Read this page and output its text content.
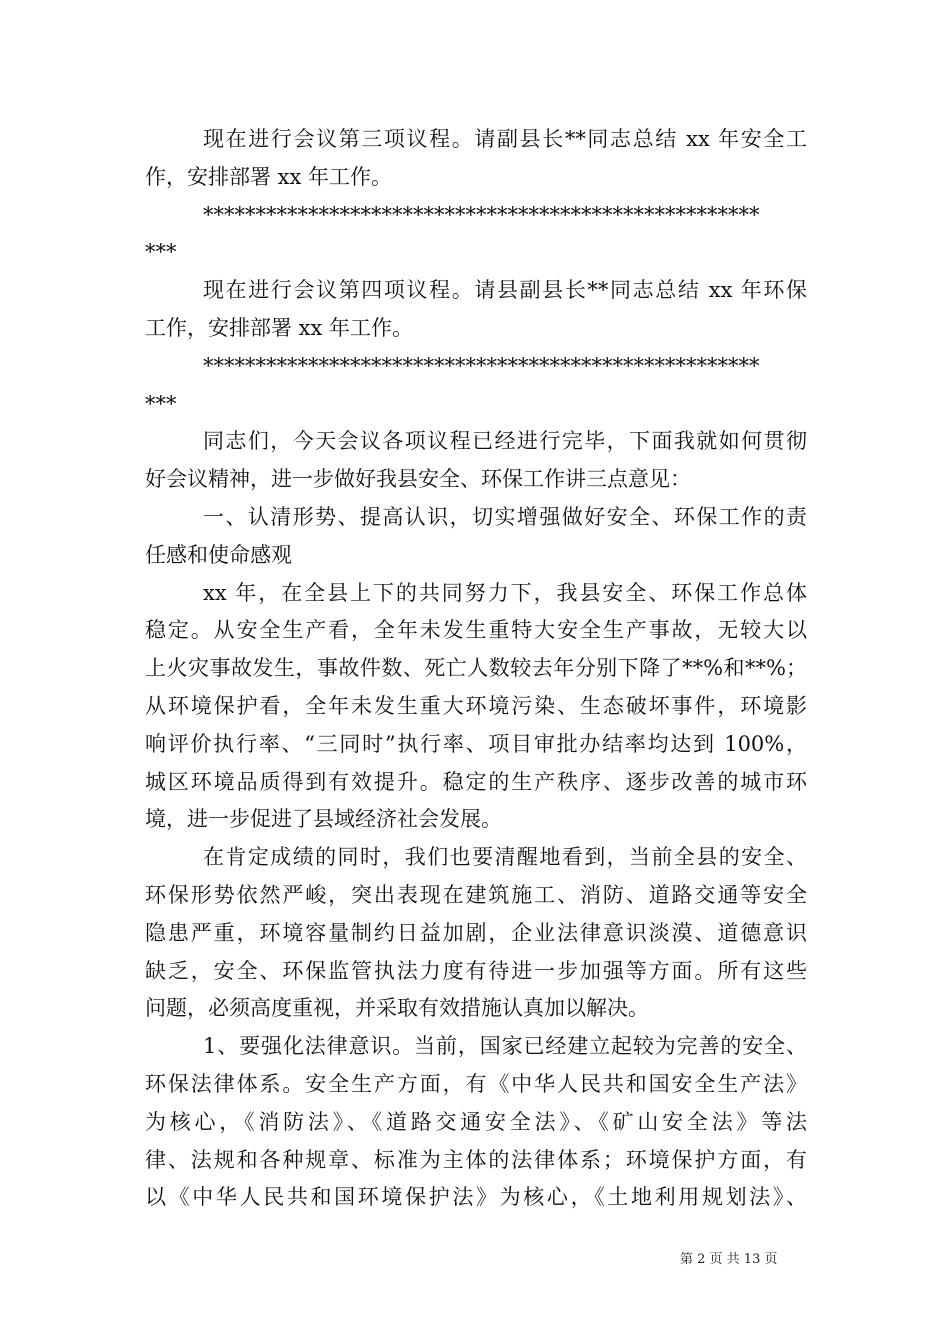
现在进行会议第三项议程。请副县长**同志总结 xx 年安全工
作，安排部署 xx 年工作。
*****************************************************
***
现在进行会议第四项议程。请县副县长**同志总结 xx 年环保
工作，安排部署 xx 年工作。
*****************************************************
***
同志们，今天会议各项议程已经进行完毕，下面我就如何贯彻
好会议精神，进一步做好我县安全、环保工作讲三点意见：
一、认清形势、提高认识，切实增强做好安全、环保工作的责
任感和使命感观
xx 年，在全县上下的共同努力下，我县安全、环保工作总体
稳定。从安全生产看，全年未发生重特大安全生产事故，无较大以
上火灾事故发生，事故件数、死亡人数较去年分别下降了**%和**%；
从环境保护看，全年未发生重大环境污染、生态破坏事件，环境影
响评价执行率、“三同时”执行率、项目审批办结率均达到 100%，
城区环境品质得到有效提升。稳定的生产秩序、逐步改善的城市环
境，进一步促进了县域经济社会发展。
在肯定成绩的同时，我们也要清醒地看到，当前全县的安全、
环保形势依然严峻，突出表现在建筑施工、消防、道路交通等安全
隐患严重，环境容量制约日益加剧，企业法律意识淡漠、道德意识
缺乏，安全、环保监管执法力度有待进一步加强等方面。所有这些
问题，必须高度重视，并采取有效措施认真加以解决。
1、要强化法律意识。当前，国家已经建立起较为完善的安全、
环保法律体系。安全生产方面，有《中华人民共和国安全生产法》
为核心，《消防法》、《道路交通安全法》、《矿山安全法》等法
律、法规和各种规章、标准为主体的法律体系；环境保护方面，有
以《中华人民共和国环境保护法》为核心，《土地利用规划法》、
第 2 页 共 13 页
